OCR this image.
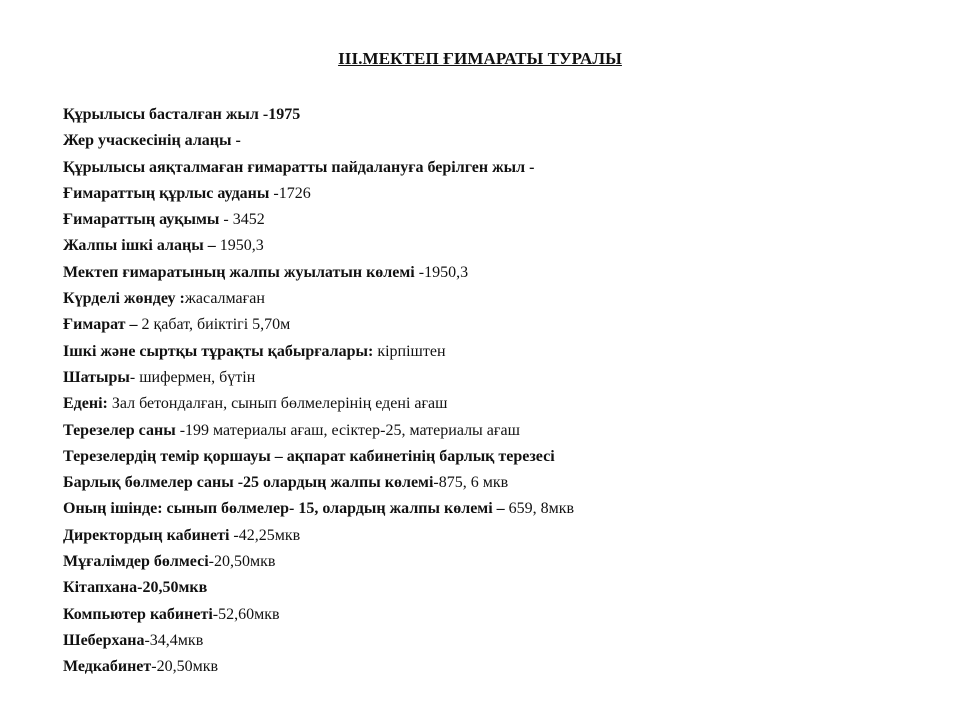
ІІІ.МЕКТЕП ҒИМАРАТЫ ТУРАЛЫ
Құрылысы басталған жыл -1975
Жер учаскесінің алаңы -
Құрылысы аяқталмаған ғимаратты пайдалануға берілген жыл -
Ғимараттың құрлыс ауданы -1726
Ғимараттың ауқымы - 3452
Жалпы ішкі алаңы – 1950,3
Мектеп ғимаратының жалпы жуылатын көлемі -1950,3
Күрделі жөндеу :жасалмаған
Ғимарат – 2 қабат, биіктігі 5,70м
Ішкі және сыртқы тұрақты қабырғалары: кірпіштен
Шатыры- шифермен, бүтін
Едені: Зал бетондалған, сынып бөлмелерінің едені ағаш
Терезелер саны -199 материалы ағаш, есіктер-25, материалы ағаш
Терезелердің темір қоршауы – ақпарат кабинетінің барлық терезесі
Барлық бөлмелер саны -25 олардың жалпы көлемі-875, 6 мкв
Оның ішінде: сынып бөлмелер- 15, олардың жалпы көлемі – 659, 8мкв
Директордың кабинеті -42,25мкв
Мұғалімдер бөлмесі-20,50мкв
Кітапхана-20,50мкв
Компьютер кабинеті-52,60мкв
Шеберхана-34,4мкв
Медкабинет-20,50мкв
